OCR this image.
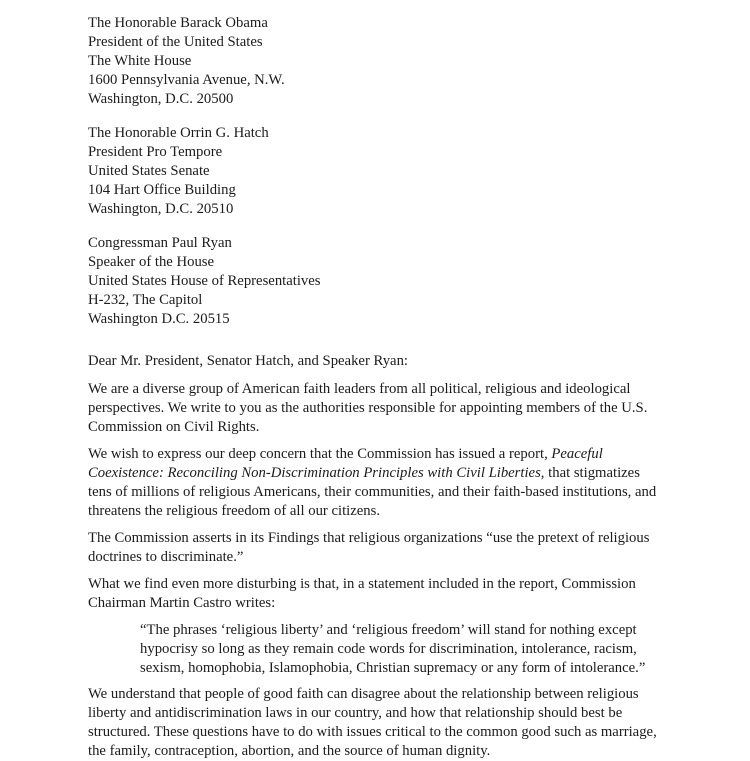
The Honorable Barack Obama
President of the United States
The White House
1600 Pennsylvania Avenue, N.W.
Washington, D.C. 20500
The Honorable Orrin G. Hatch
President Pro Tempore
United States Senate
104 Hart Office Building
Washington, D.C. 20510
Congressman Paul Ryan
Speaker of the House
United States House of Representatives
H-232, The Capitol
Washington D.C. 20515
Dear Mr. President, Senator Hatch, and Speaker Ryan:

We are a diverse group of American faith leaders from all political, religious and ideological perspectives. We write to you as the authorities responsible for appointing members of the U.S. Commission on Civil Rights.

We wish to express our deep concern that the Commission has issued a report, Peaceful Coexistence: Reconciling Non-Discrimination Principles with Civil Liberties, that stigmatizes tens of millions of religious Americans, their communities, and their faith-based institutions, and threatens the religious freedom of all our citizens.

The Commission asserts in its Findings that religious organizations “use the pretext of religious doctrines to discriminate.”

What we find even more disturbing is that, in a statement included in the report, Commission Chairman Martin Castro writes:

“The phrases ‘religious liberty’ and ‘religious freedom’ will stand for nothing except hypocrisy so long as they remain code words for discrimination, intolerance, racism, sexism, homophobia, Islamophobia, Christian supremacy or any form of intolerance.”

We understand that people of good faith can disagree about the relationship between religious liberty and antidiscrimination laws in our country, and how that relationship should best be structured. These questions have to do with issues critical to the common good such as marriage, the family, contraception, abortion, and the source of human dignity.
